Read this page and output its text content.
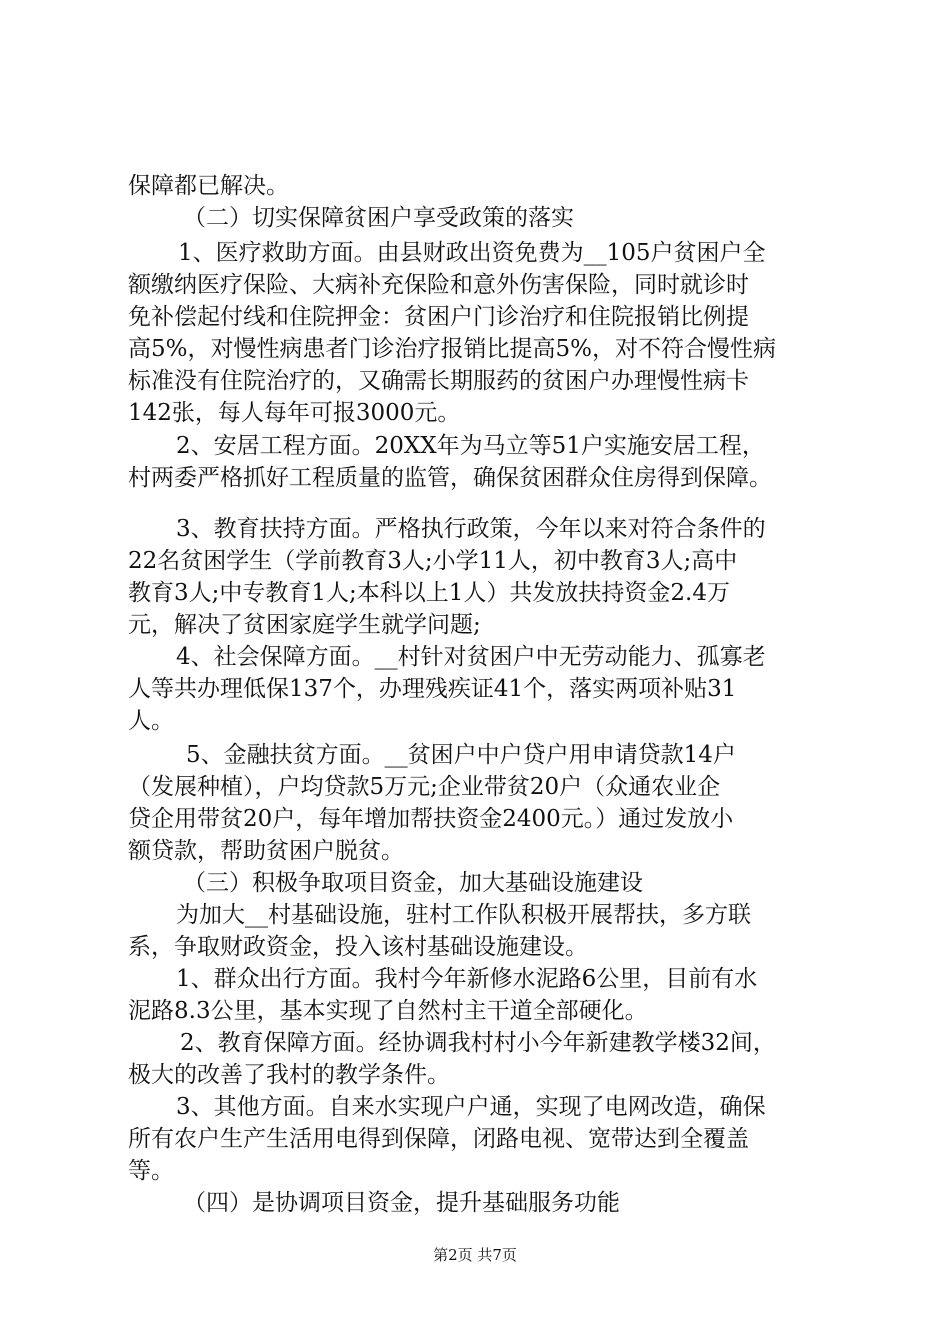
保障都已解决。
（二）切实保障贫困户享受政策的落实
1、医疗救助方面。由县财政出资免费为__105户贫困户全
额缴纳医疗保险、大病补充保险和意外伤害保险，同时就诊时
免补偿起付线和住院押金：贫困户门诊治疗和住院报销比例提
高5%，对慢性病患者门诊治疗报销比提高5%，对不符合慢性病
标准没有住院治疗的，又确需长期服药的贫困户办理慢性病卡
142张，每人每年可报3000元。
2、安居工程方面。20XX年为马立等51户实施安居工程，
村两委严格抓好工程质量的监管，确保贫困群众住房得到保障。
3、教育扶持方面。严格执行政策，今年以来对符合条件的
22名贫困学生（学前教育3人;小学11人，初中教育3人;高中
教育3人;中专教育1人;本科以上1人）共发放扶持资金2.4万
元，解决了贫困家庭学生就学问题;
4、社会保障方面。__村针对贫困户中无劳动能力、孤寡老
人等共办理低保137个，办理残疾证41个，落实两项补贴31
人。
5、金融扶贫方面。__贫困户中户贷户用申请贷款14户
（发展种植），户均贷款5万元;企业带贫20户（众通农业企
贷企用带贫20户，每年增加帮扶资金2400元。）通过发放小
额贷款，帮助贫困户脱贫。
（三）积极争取项目资金，加大基础设施建设
为加大__村基础设施，驻村工作队积极开展帮扶，多方联
系，争取财政资金，投入该村基础设施建设。
1、群众出行方面。我村今年新修水泥路6公里，目前有水
泥路8.3公里，基本实现了自然村主干道全部硬化。
2、教育保障方面。经协调我村村小今年新建教学楼32间，
极大的改善了我村的教学条件。
3、其他方面。自来水实现户户通，实现了电网改造，确保
所有农户生产生活用电得到保障，闭路电视、宽带达到全覆盖
等。
（四）是协调项目资金，提升基础服务功能
第2页 共7页
